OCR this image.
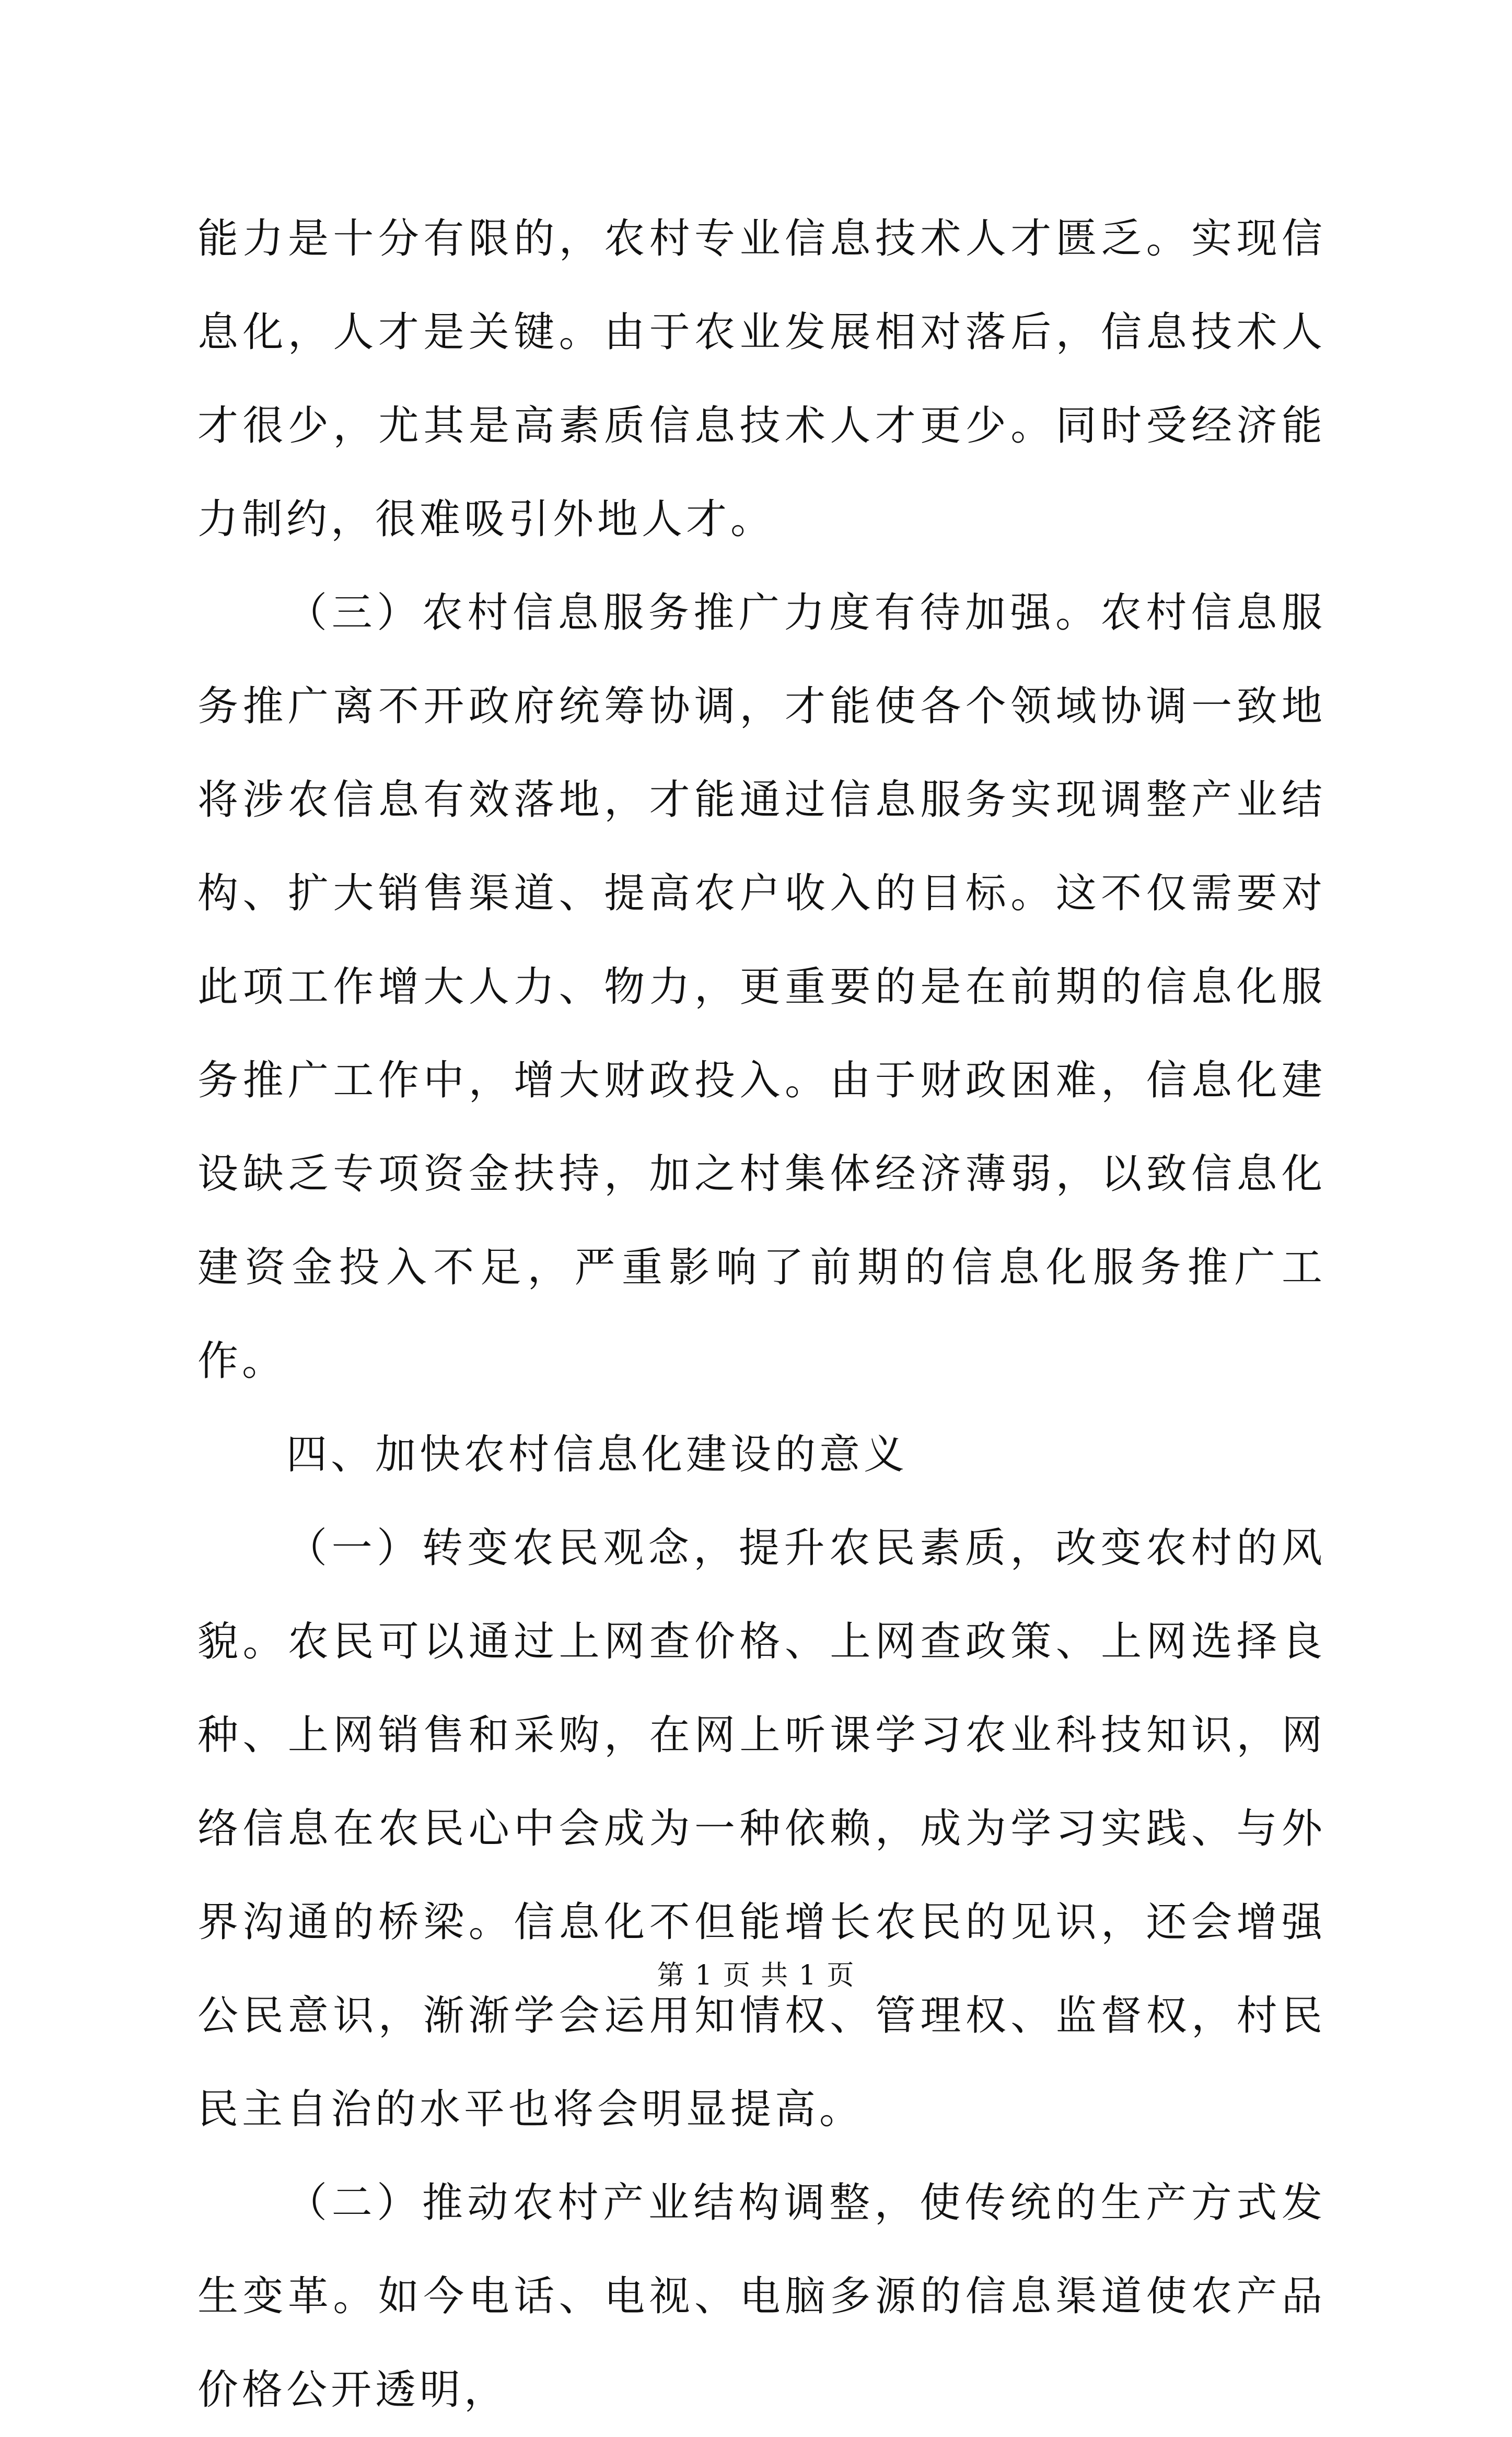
能力是十分有限的，农村专业信息技术人才匮乏。实现信息化，人才是关键。由于农业发展相对落后，信息技术人才很少，尤其是高素质信息技术人才更少。同时受经济能力制约，很难吸引外地人才。

（三）农村信息服务推广力度有待加强。农村信息服务推广离不开政府统筹协调，才能使各个领域协调一致地将涉农信息有效落地，才能通过信息服务实现调整产业结构、扩大销售渠道、提高农户收入的目标。这不仅需要对此项工作增大人力、物力，更重要的是在前期的信息化服务推广工作中，增大财政投入。由于财政困难，信息化建设缺乏专项资金扶持，加之村集体经济薄弱，以致信息化建资金投入不足，严重影响了前期的信息化服务推广工作。

四、加快农村信息化建设的意义

（一）转变农民观念，提升农民素质，改变农村的风貌。农民可以通过上网查价格、上网查政策、上网选择良种、上网销售和采购，在网上听课学习农业科技知识，网络信息在农民心中会成为一种依赖，成为学习实践、与外界沟通的桥梁。信息化不但能增长农民的见识，还会增强公民意识，渐渐学会运用知情权、管理权、监督权，村民民主自治的水平也将会明显提高。

（二）推动农村产业结构调整，使传统的生产方式发生变革。如今电话、电视、电脑多源的信息渠道使农产品价格公开透明，

第 1 页 共 1 页
